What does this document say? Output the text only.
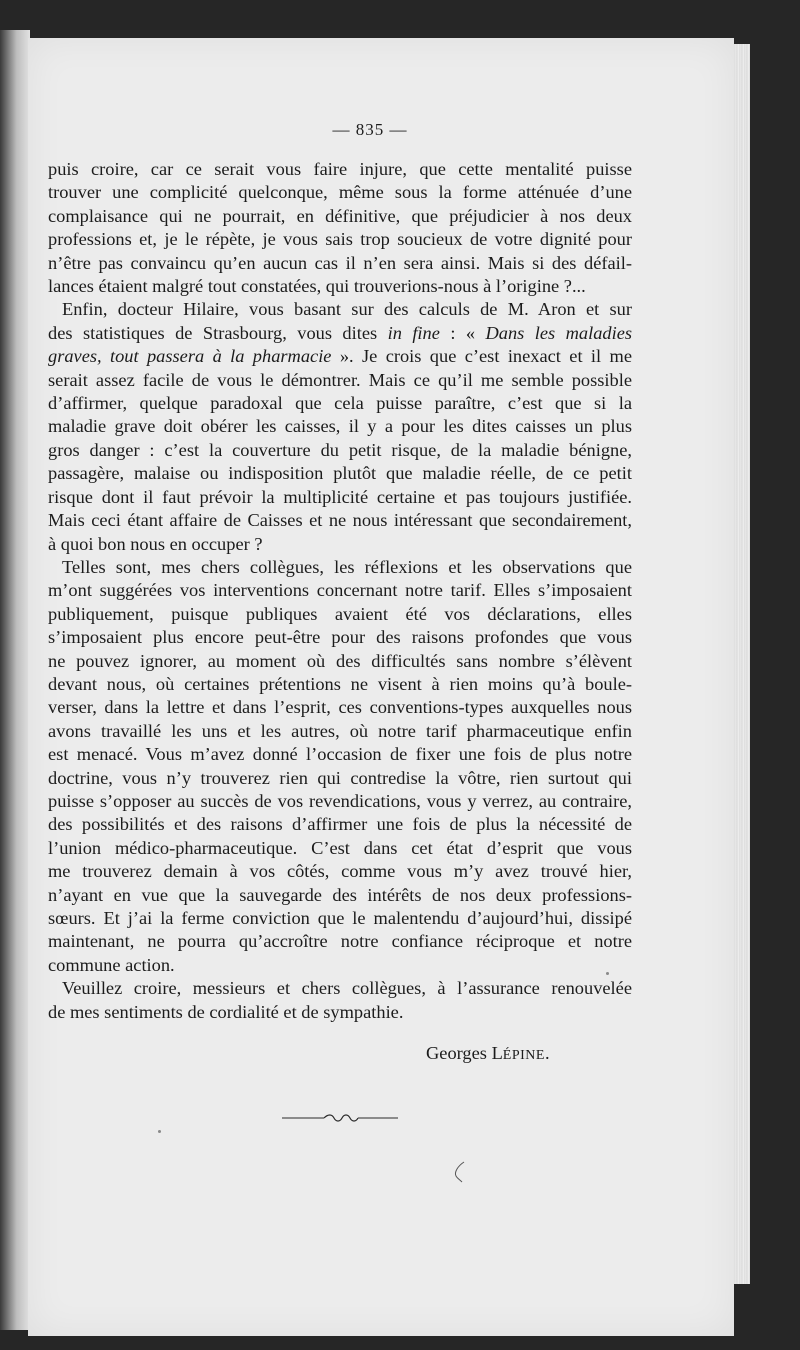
— 835 —
puis croire, car ce serait vous faire injure, que cette mentalité puisse
trouver une complicité quelconque, même sous la forme atténuée d’une
complaisance qui ne pourrait, en définitive, que préjudicier à nos deux
professions et, je le répète, je vous sais trop soucieux de votre dignité pour
n’être pas convaincu qu’en aucun cas il n’en sera ainsi. Mais si des défail-
lances étaient malgré tout constatées, qui trouverions-nous à l’origine ?...
Enfin, docteur Hilaire, vous basant sur des calculs de M. Aron et sur
des statistiques de Strasbourg, vous dites in fine : « Dans les maladies
graves, tout passera à la pharmacie ». Je crois que c’est inexact et il me
serait assez facile de vous le démontrer. Mais ce qu’il me semble possible
d’affirmer, quelque paradoxal que cela puisse paraître, c’est que si la
maladie grave doit obérer les caisses, il y a pour les dites caisses un plus
gros danger : c’est la couverture du petit risque, de la maladie bénigne,
passagère, malaise ou indisposition plutôt que maladie réelle, de ce petit
risque dont il faut prévoir la multiplicité certaine et pas toujours justifiée.
Mais ceci étant affaire de Caisses et ne nous intéressant que secondairement,
à quoi bon nous en occuper ?
Telles sont, mes chers collègues, les réflexions et les observations que
m’ont suggérées vos interventions concernant notre tarif. Elles s’imposaient
publiquement, puisque publiques avaient été vos déclarations, elles
s’imposaient plus encore peut-être pour des raisons profondes que vous
ne pouvez ignorer, au moment où des difficultés sans nombre s’élèvent
devant nous, où certaines prétentions ne visent à rien moins qu’à boule-
verser, dans la lettre et dans l’esprit, ces conventions-types auxquelles nous
avons travaillé les uns et les autres, où notre tarif pharmaceutique enfin
est menacé. Vous m’avez donné l’occasion de fixer une fois de plus notre
doctrine, vous n’y trouverez rien qui contredise la vôtre, rien surtout qui
puisse s’opposer au succès de vos revendications, vous y verrez, au contraire,
des possibilités et des raisons d’affirmer une fois de plus la nécessité de
l’union médico-pharmaceutique. C’est dans cet état d’esprit que vous
me trouverez demain à vos côtés, comme vous m’y avez trouvé hier,
n’ayant en vue que la sauvegarde des intérêts de nos deux professions-
sœurs. Et j’ai la ferme conviction que le malentendu d’aujourd’hui, dissipé
maintenant, ne pourra qu’accroître notre confiance réciproque et notre
commune action.
Veuillez croire, messieurs et chers collègues, à l’assurance renouvelée
de mes sentiments de cordialité et de sympathie.
Georges LÉPINE.
